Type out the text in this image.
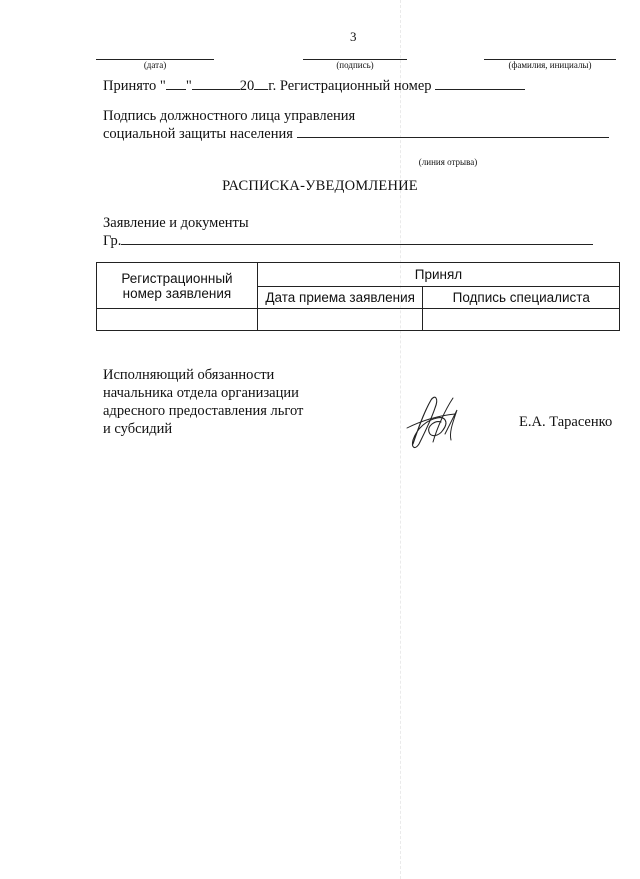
3
(дата)	(подпись)	(фамилия, инициалы)
Принято " "	20 г. Регистрационный номер
Подпись должностного лица управления
социальной защиты населения
(линия отрыва)
РАСПИСКА-УВЕДОМЛЕНИЕ
Заявление и документы
Гр.
Регистрационный номер заявления	Принял	
	Дата приема заявления	Подпись специалиста

Исполняющий обязанности
начальника отдела организации
адресного предоставления льгот
и субсидий	Е.А. Тарасенко
